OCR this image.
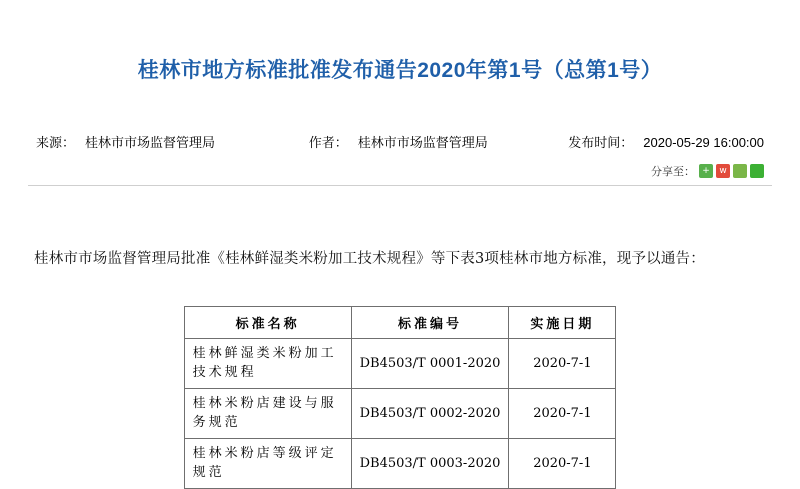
桂林市地方标准批准发布通告2020年第1号（总第1号）
来源： 桂林市市场监督管理局	作者： 桂林市市场监督管理局	发布时间： 2020-05-29 16:00:00
分享至： +	w

桂林市市场监督管理局批准《桂林鲜湿类米粉加工技术规程》等下表3项桂林市地方标准，现予以通告：

标准名称	标准编号	实施日期
桂林鲜湿类米粉加工技术规程	DB4503/T 0001-2020	2020-7-1
桂林米粉店建设与服务规范	DB4503/T 0002-2020	2020-7-1
桂林米粉店等级评定规范	DB4503/T 0003-2020	2020-7-1
